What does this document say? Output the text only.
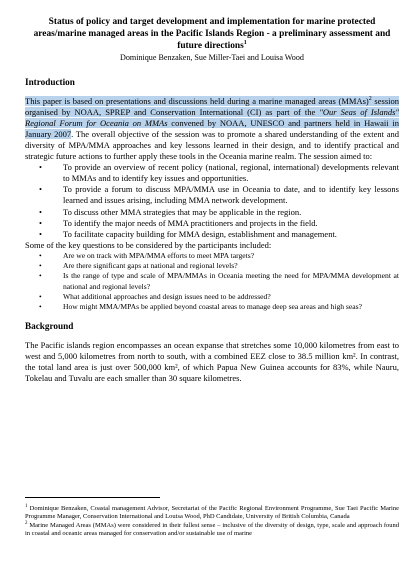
Status of policy and target development and implementation for marine protected areas/marine managed areas in the Pacific Islands Region - a preliminary assessment and future directions$^1$

Dominique Benzaken, Sue Miller-Taei and Louisa Wood

Introduction

This paper is based on presentations and discussions held during a marine managed areas (MMAs)$^2$ session organised by NOAA, SPREP and Conservation International (CI) as part of the "Our Seas of Islands" Regional Forum for Oceania on MMAs convened by NOAA, UNESCO and partners held in Hawaii in January 2007. The overall objective of the session was to promote a shared understanding of the extent and diversity of MPA/MMA approaches and key lessons learned in their design, and to identify practical and strategic future actions to further apply these tools in the Oceania marine realm. The session aimed to:

• To provide an overview of recent policy (national, regional, international) developments relevant to MMAs and to identify key issues and opportunities.
• To provide a forum to discuss MPA/MMA use in Oceania to date, and to identify key lessons learned and issues arising, including MMA network development.
• To discuss other MMA strategies that may be applicable in the region.
• To identify the major needs of MMA practitioners and projects in the field.
• To facilitate capacity building for MMA design, establishment and management.

Some of the key questions to be considered by the participants included:

• Are we on track with MPA/MMA efforts to meet MPA targets?
• Are there significant gaps at national and regional levels?
• Is the range of type and scale of MPA/MMAs in Oceania meeting the need for MPA/MMA development at national and regional levels?
• What additional approaches and design issues need to be addressed?
• How might MMA/MPAs be applied beyond coastal areas to manage deep sea areas and high seas?
Background

The Pacific islands region encompasses an ocean expanse that stretches some 10,000 kilometres from east to west and 5,000 kilometres from north to south, with a combined EEZ close to 38.5 million km². In contrast, the total land area is just over 500,000 km², of which Papua New Guinea accounts for 83%, while Nauru, Tokelau and Tuvalu are each smaller than 30 square kilometres.

$^1$ Dominique Benzaken, Coastal management Advisor, Secretariat of the Pacific Regional Environment Programme, Sue Taei Pacific Marine Programme Manager, Conservation International and Louisa Wood, PhD Candidate, University of British Columbia, Canada

$^2$ Marine Managed Areas (MMAs) were considered in their fullest sense – inclusive of the diversity of design, type, scale and approach found in coastal and oceanic areas managed for conservation and/or sustainable use of marine
